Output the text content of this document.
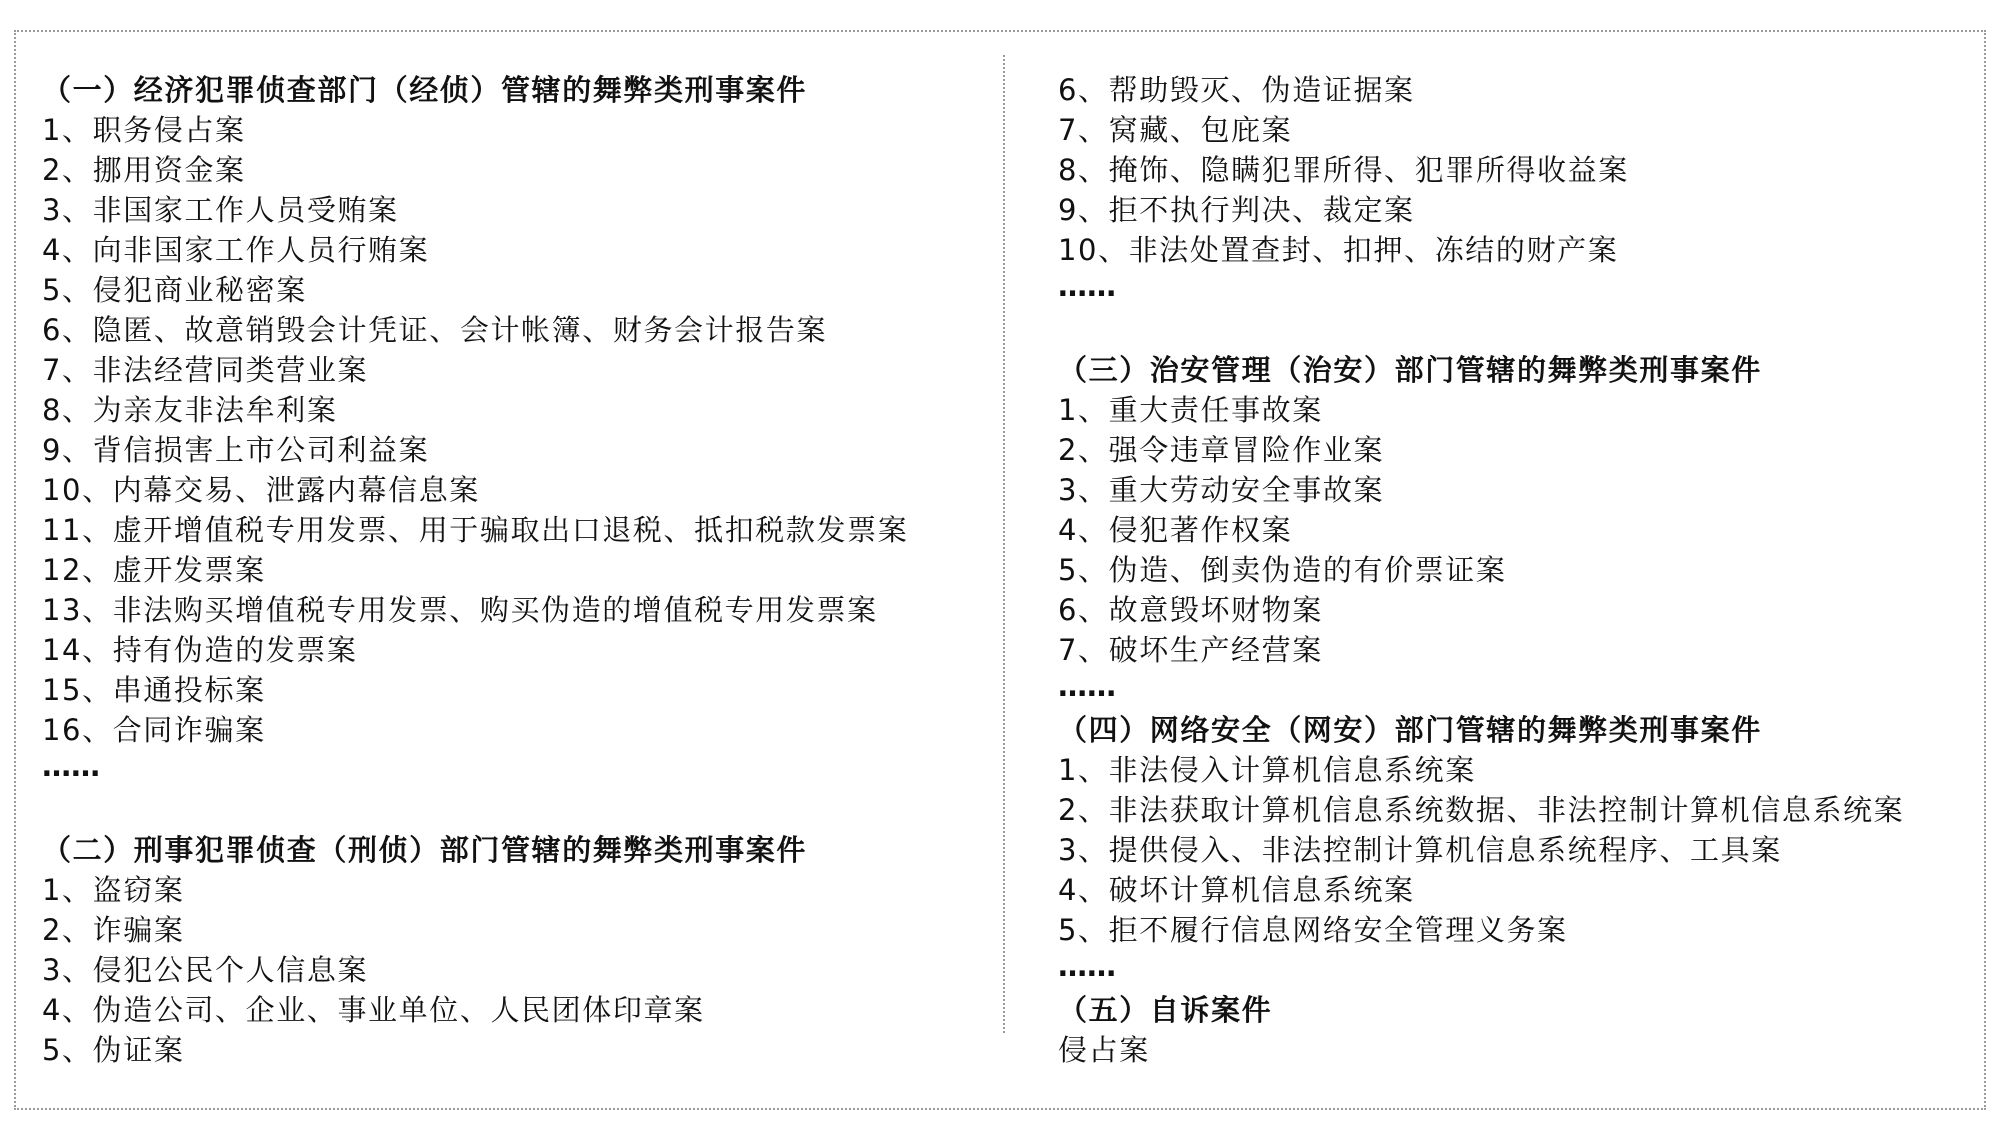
（一）经济犯罪侦查部门（经侦）管辖的舞弊类刑事案件
1、职务侵占案
2、挪用资金案
3、非国家工作人员受贿案
4、向非国家工作人员行贿案
5、侵犯商业秘密案
6、隐匿、故意销毁会计凭证、会计帐簿、财务会计报告案
7、非法经营同类营业案
8、为亲友非法牟利案
9、背信损害上市公司利益案
10、内幕交易、泄露内幕信息案
11、虚开增值税专用发票、用于骗取出口退税、抵扣税款发票案
12、虚开发票案
13、非法购买增值税专用发票、购买伪造的增值税专用发票案
14、持有伪造的发票案
15、串通投标案
16、合同诈骗案
……
（二）刑事犯罪侦查（刑侦）部门管辖的舞弊类刑事案件
1、盗窃案
2、诈骗案
3、侵犯公民个人信息案
4、伪造公司、企业、事业单位、人民团体印章案
5、伪证案
6、帮助毁灭、伪造证据案
7、窝藏、包庇案
8、掩饰、隐瞒犯罪所得、犯罪所得收益案
9、拒不执行判决、裁定案
10、非法处置查封、扣押、冻结的财产案
……
（三）治安管理（治安）部门管辖的舞弊类刑事案件
1、重大责任事故案
2、强令违章冒险作业案
3、重大劳动安全事故案
4、侵犯著作权案
5、伪造、倒卖伪造的有价票证案
6、故意毁坏财物案
7、破坏生产经营案
……
（四）网络安全（网安）部门管辖的舞弊类刑事案件
1、非法侵入计算机信息系统案
2、非法获取计算机信息系统数据、非法控制计算机信息系统案
3、提供侵入、非法控制计算机信息系统程序、工具案
4、破坏计算机信息系统案
5、拒不履行信息网络安全管理义务案
……
（五）自诉案件
侵占案
